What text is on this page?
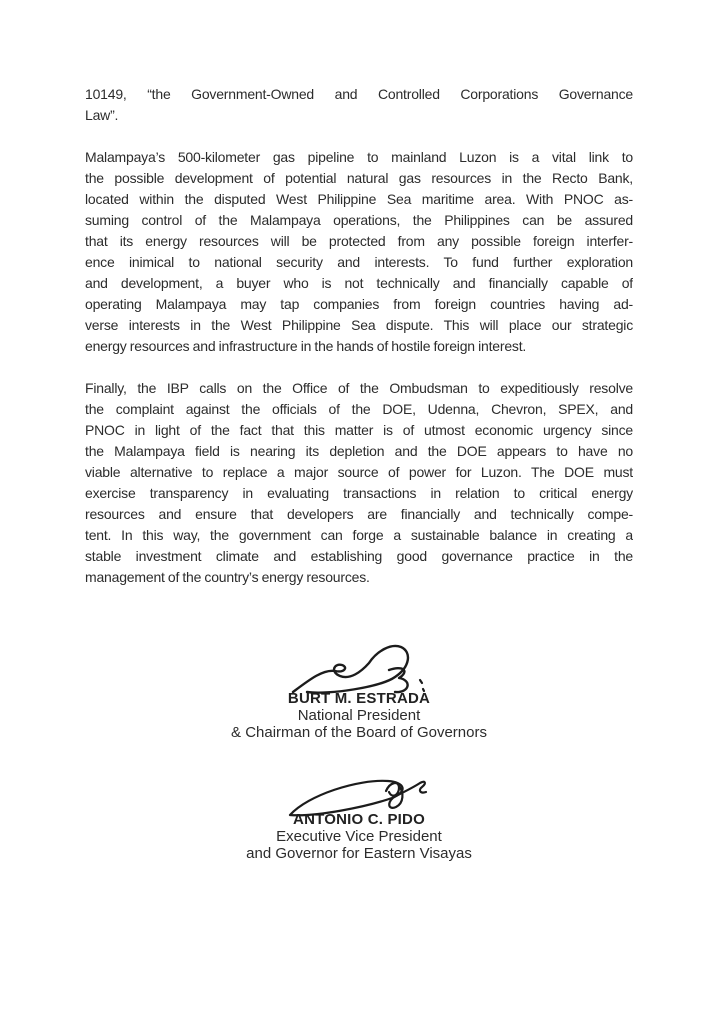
10149, “the Government-Owned and Controlled Corporations Governance
Law”.
Malampaya’s 500-kilometer gas pipeline to mainland Luzon is a vital link to
the possible development of potential natural gas resources in the Recto Bank,
located within the disputed West Philippine Sea maritime area. With PNOC as-
suming control of the Malampaya operations, the Philippines can be assured
that its energy resources will be protected from any possible foreign interfer-
ence inimical to national security and interests. To fund further exploration
and development, a buyer who is not technically and financially capable of
operating Malampaya may tap companies from foreign countries having ad-
verse interests in the West Philippine Sea dispute. This will place our strategic
energy resources and infrastructure in the hands of hostile foreign interest.
Finally, the IBP calls on the Office of the Ombudsman to expeditiously resolve
the complaint against the officials of the DOE, Udenna, Chevron, SPEX, and
PNOC in light of the fact that this matter is of utmost economic urgency since
the Malampaya field is nearing its depletion and the DOE appears to have no
viable alternative to replace a major source of power for Luzon. The DOE must
exercise transparency in evaluating transactions in relation to critical energy
resources and ensure that developers are financially and technically compe-
tent. In this way, the government can forge a sustainable balance in creating a
stable investment climate and establishing good governance practice in the
management of the country’s energy resources.
BURT M. ESTRADA
National President
& Chairman of the Board of Governors
ANTONIO C. PIDO
Executive Vice President
and Governor for Eastern Visayas
